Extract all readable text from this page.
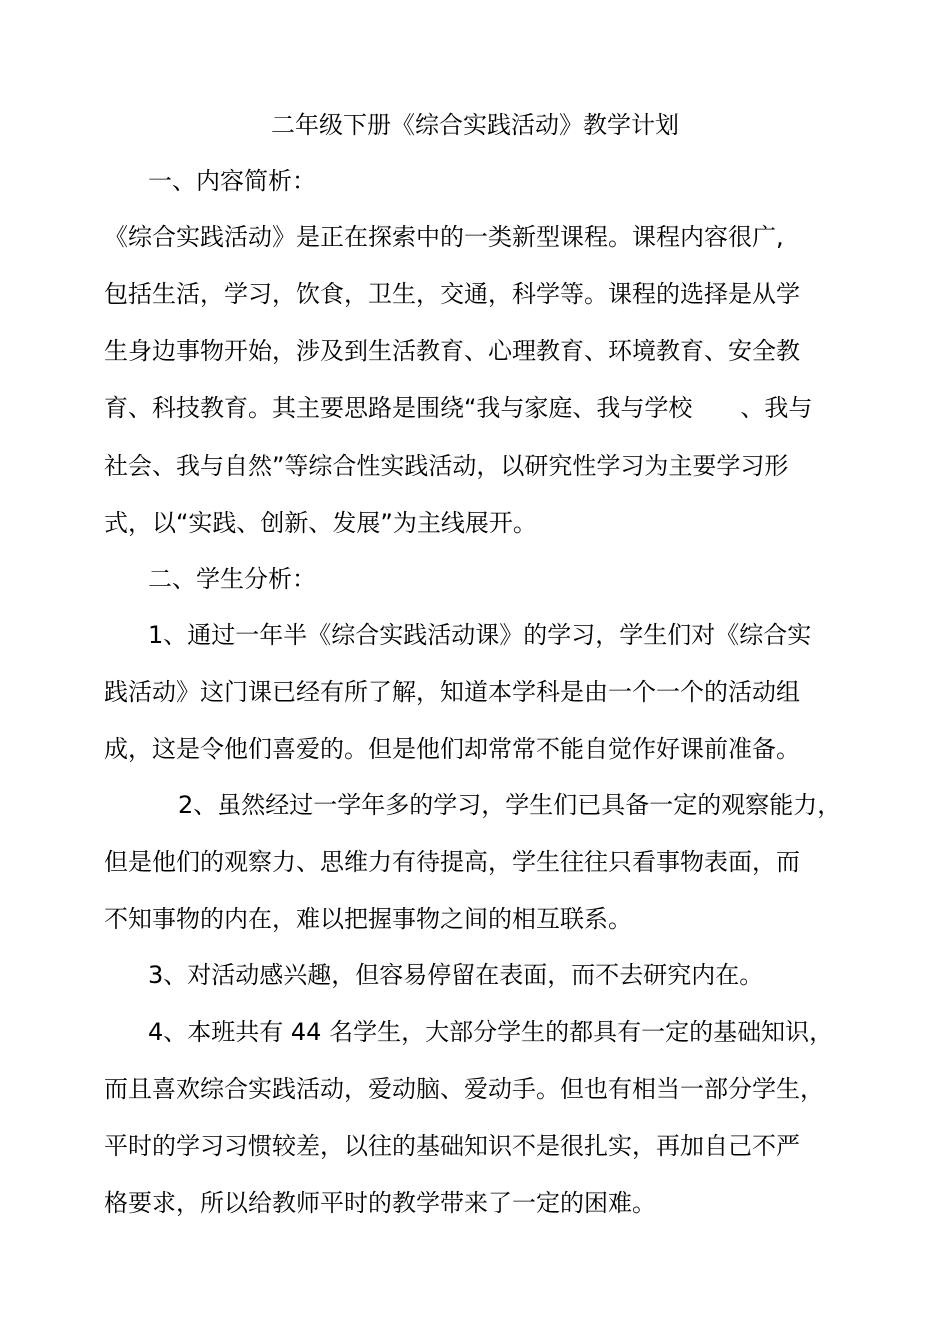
二年级下册《综合实践活动》教学计划
一、内容简析：
《综合实践活动》是正在探索中的一类新型课程。课程内容很广,
包括生活，学习，饮食，卫生，交通，科学等。课程的选择是从学
生身边事物开始，涉及到生活教育、心理教育、环境教育、安全教
育、科技教育。其主要思路是围绕“我与家庭、我与学校　　、我与
社会、我与自然”等综合性实践活动，以研究性学习为主要学习形
式，以“实践、创新、发展”为主线展开。
二、学生分析：
1、通过一年半《综合实践活动课》的学习，学生们对《综合实
践活动》这门课已经有所了解，知道本学科是由一个一个的活动组
成，这是令他们喜爱的。但是他们却常常不能自觉作好课前准备。
2、虽然经过一学年多的学习，学生们已具备一定的观察能力，
但是他们的观察力、思维力有待提高，学生往往只看事物表面，而
不知事物的内在，难以把握事物之间的相互联系。
3、对活动感兴趣，但容易停留在表面，而不去研究内在。
4、本班共有 44 名学生，大部分学生的都具有一定的基础知识，
而且喜欢综合实践活动，爱动脑、爱动手。但也有相当一部分学生，
平时的学习习惯较差，以往的基础知识不是很扎实，再加自己不严
格要求，所以给教师平时的教学带来了一定的困难。
